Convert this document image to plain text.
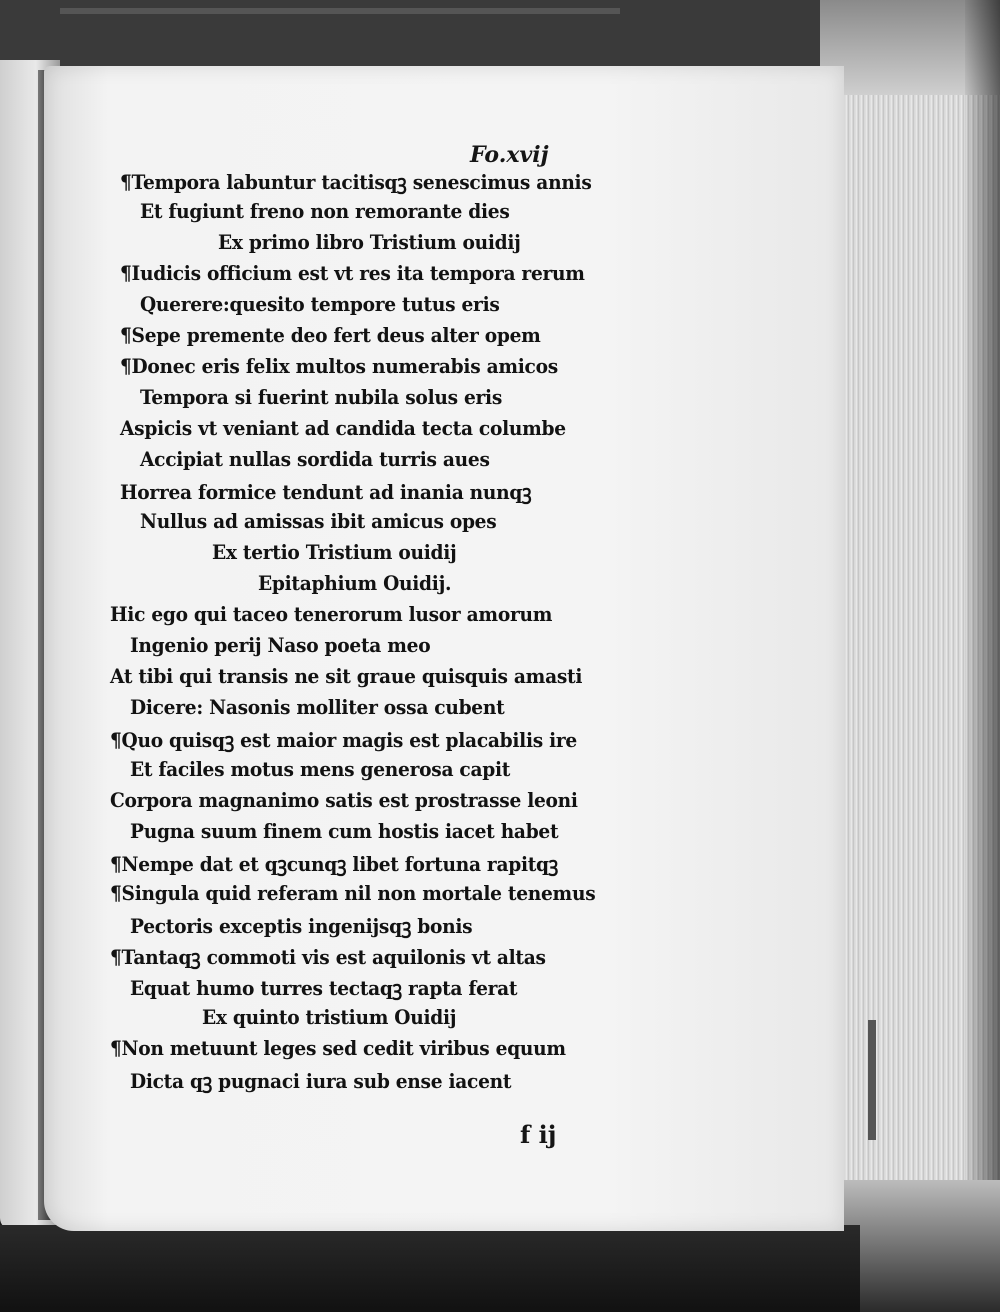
Fo.xvij
¶Tempora labuntur tacitisqꝫ senescimus annis
Et fugiunt freno non remorante dies
Ex primo libro Tristium ouidij
¶Iudicis officium est vt res ita tempora rerum
Querere:quesito tempore tutus eris
¶Sepe premente deo fert deus alter opem
¶Donec eris felix multos numerabis amicos
Tempora si fuerint nubila solus eris
Aspicis vt veniant ad candida tecta columbe
Accipiat nullas sordida turris aues
Horrea formice tendunt ad inania nunqꝫ
Nullus ad amissas ibit amicus opes
Ex tertio Tristium ouidij
Epitaphium Ouidij.
Hic ego qui taceo tenerorum lusor amorum
Ingenio perij Naso poeta meo
At tibi qui transis ne sit graue quisquis amasti
Dicere: Nasonis molliter ossa cubent
¶Quo quisqꝫ est maior magis est placabilis ire
Et faciles motus mens generosa capit
Corpora magnanimo satis est prostrasse leoni
Pugna suum finem cum hostis iacet habet
¶Nempe dat et qꝫcunqꝫ libet fortuna rapitqꝫ
¶Singula quid referam nil non mortale tenemus
Pectoris exceptis ingenijsqꝫ bonis
¶Tantaqꝫ commoti vis est aquilonis vt altas
Equat humo turres tectaqꝫ rapta ferat
Ex quinto tristium Ouidij
¶Non metuunt leges sed cedit viribus equum
Dicta qꝫ pugnaci iura sub ense iacent
f ij
